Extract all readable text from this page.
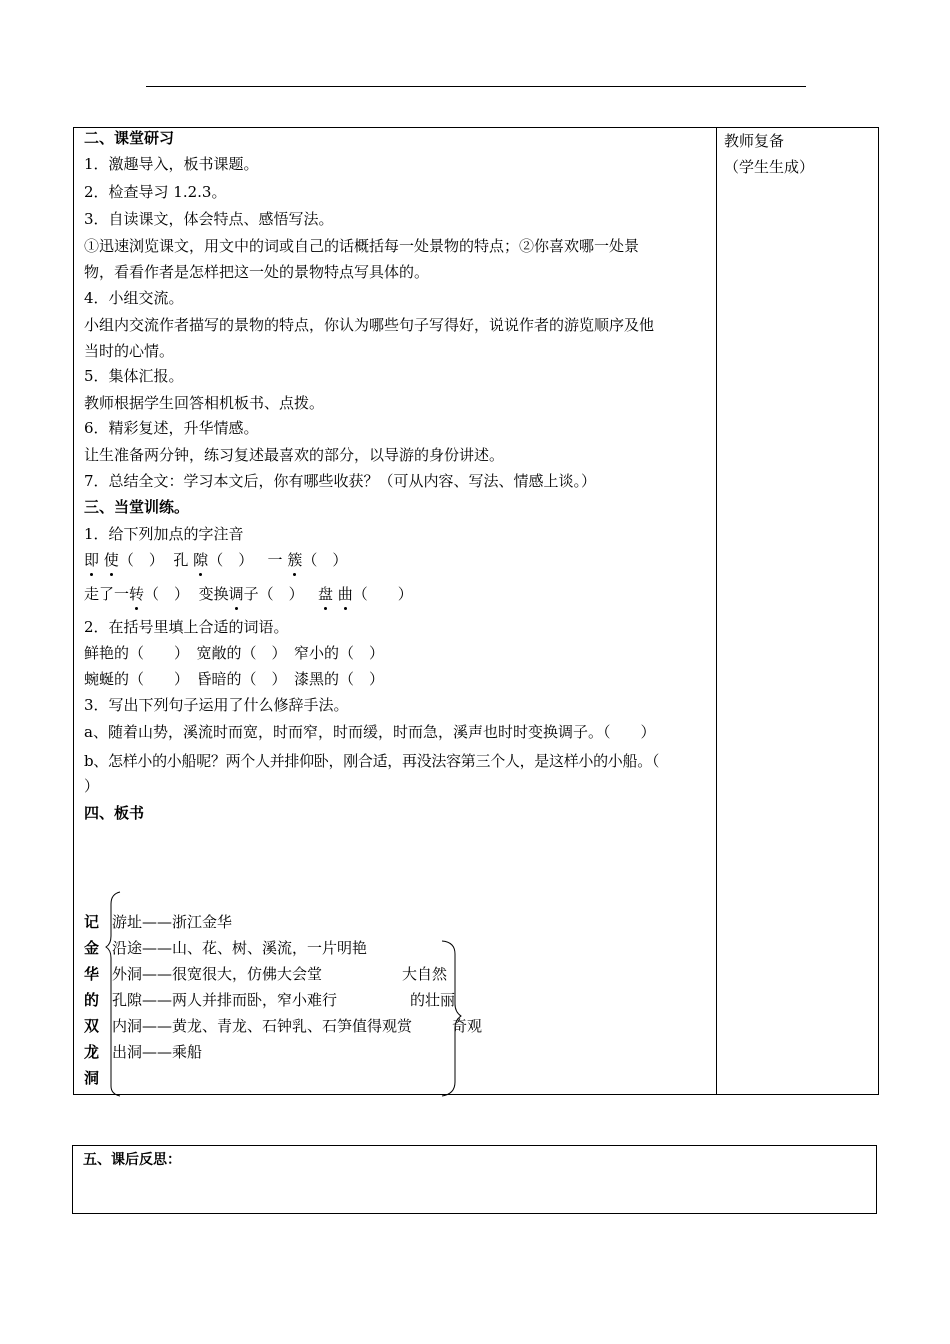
教师复备
（学生生成）
二、课堂研习
1．激趣导入，板书课题。
2．检查导习 1.2.3。
3．自读课文，体会特点、感悟写法。
①迅速浏览课文，用文中的词或自己的话概括每一处景物的特点；②你喜欢哪一处景
物，看看作者是怎样把这一处的景物特点写具体的。
4．小组交流。
小组内交流作者描写的景物的特点，你认为哪些句子写得好，说说作者的游览顺序及他
当时的心情。
5．集体汇报。
教师根据学生回答相机板书、点拨。
6．精彩复述，升华情感。
让生准备两分钟，练习复述最喜欢的部分，以导游的身份讲述。
7．总结全文：学习本文后，你有哪些收获？（可从内容、写法、情感上谈。）
三、当堂训练。
1．给下列加点的字注音
即 使（　） 孔 隙（　） 一 簇（　）
走了一转（　） 变换调子（　） 盘 曲（　　）
2．在括号里填上合适的词语。
鲜艳的（　　）　宽敞的（　）　窄小的（　）
蜿蜒的（　　）　昏暗的（　）　漆黑的（　）
3．写出下列句子运用了什么修辞手法。
a、随着山势，溪流时而宽，时而窄，时而缓，时而急，溪声也时时变换调子。（　　）
b、怎样小的小船呢？两个人并排仰卧，刚合适，再没法容第三个人，是这样小的小船。（
）
四、板书
记
金
华
的
双
龙
洞
游址——浙江金华
沿途——山、花、树、溪流，一片明艳
外洞——很宽很大，仿佛大会堂
孔隙——两人并排而卧，窄小难行
内洞——黄龙、青龙、石钟乳、石笋值得观赏
出洞——乘船
大自然
的壮丽
奇观
五、课后反思：
